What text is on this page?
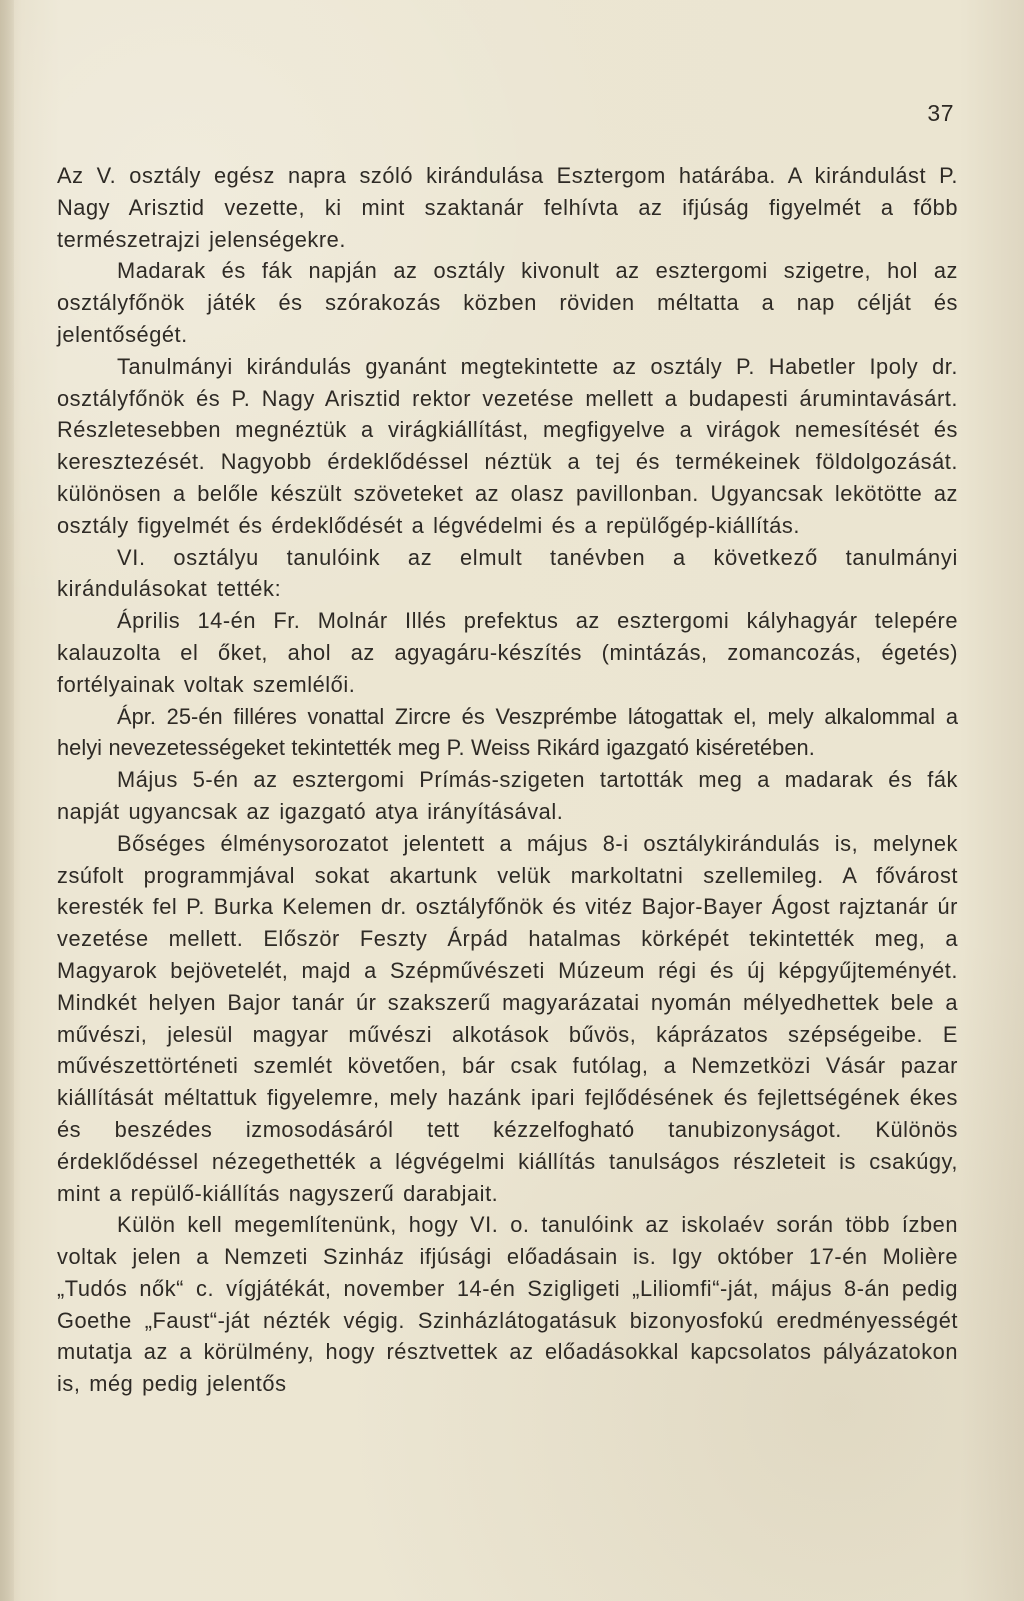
37

Az V. osztály egész napra szóló kirándulása Esztergom határába. A kirándulást P. Nagy Arisztid vezette, ki mint szaktanár felhívta az ifjúság figyelmét a főbb természetrajzi jelenségekre.

Madarak és fák napján az osztály kivonult az esztergomi szigetre, hol az osztályfőnök játék és szórakozás közben röviden méltatta a nap célját és jelentőségét.

Tanulmányi kirándulás gyanánt megtekintette az osztály P. Habetler Ipoly dr. osztályfőnök és P. Nagy Arisztid rektor vezetése mellett a budapesti árumintavásárt. Részletesebben megnéztük a virágkiállítást, megfigyelve a virágok nemesítését és keresztezését. Nagyobb érdeklődéssel néztük a tej és termékeinek földolgozását. különösen a belőle készült szöveteket az olasz pavillonban. Ugyancsak lekötötte az osztály figyelmét és érdeklődését a légvédelmi és a repülőgép-kiállítás.

VI. osztályu tanulóink az elmult tanévben a következő tanulmányi kirándulásokat tették:

Április 14-én Fr. Molnár Illés prefektus az esztergomi kályhagyár telepére kalauzolta el őket, ahol az agyagáru-készítés (mintázás, zomancozás, égetés) fortélyainak voltak szemlélői.

Ápr. 25-én filléres vonattal Zircre és Veszprémbe látogattak el, mely alkalommal a helyi nevezetességeket tekintették meg P. Weiss Rikárd igazgató kiséretében.

Május 5-én az esztergomi Prímás-szigeten tartották meg a madarak és fák napját ugyancsak az igazgató atya irányításával.

Bőséges élménysorozatot jelentett a május 8-i osztálykirándulás is, melynek zsúfolt programmjával sokat akartunk velük markoltatni szellemileg. A fővárost keresték fel P. Burka Kelemen dr. osztályfőnök és vitéz Bajor-Bayer Ágost rajztanár úr vezetése mellett. Először Feszty Árpád hatalmas körképét tekintették meg, a Magyarok bejövetelét, majd a Szépművészeti Múzeum régi és új képgyűjteményét. Mindkét helyen Bajor tanár úr szakszerű magyarázatai nyomán mélyedhettek bele a művészi, jelesül magyar művészi alkotások bűvös, káprázatos szépségeibe. E művészettörténeti szemlét követően, bár csak futólag, a Nemzetközi Vásár pazar kiállítását méltattuk figyelemre, mely hazánk ipari fejlődésének és fejlettségének ékes és beszédes izmosodásáról tett kézzelfogható tanubizonyságot. Különös érdeklődéssel nézegethették a légvégelmi kiállítás tanulságos részleteit is csakúgy, mint a repülő-kiállítás nagyszerű darabjait.

Külön kell megemlítenünk, hogy VI. o. tanulóink az iskolaév során több ízben voltak jelen a Nemzeti Szinház ifjúsági előadásain is. Igy október 17-én Molière „Tudós nők“ c. vígjátékát, november 14-én Szigligeti „Liliomfi“-ját, május 8-án pedig Goethe „Faust“-ját nézték végig. Szinházlátogatásuk bizonyosfokú eredményességét mutatja az a körülmény, hogy résztvettek az előadásokkal kapcsolatos pályázatokon is, még pedig jelentős
